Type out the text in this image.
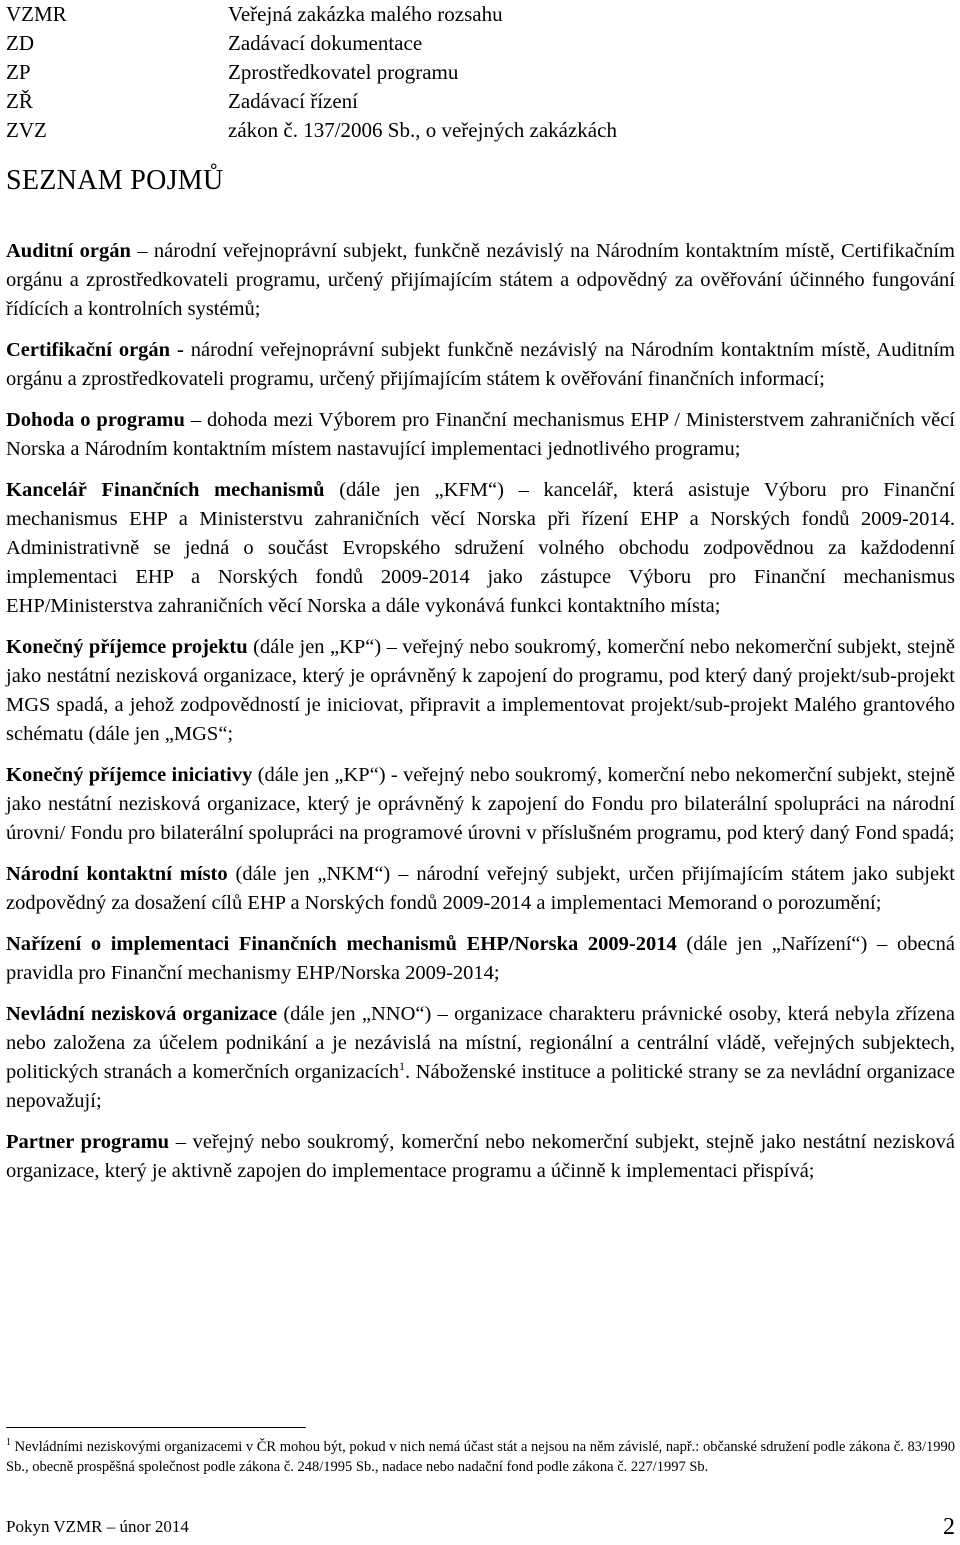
VZMR	Veřejná zakázka malého rozsahu
ZD	Zadávací dokumentace
ZP	Zprostředkovatel programu
ZŘ	Zadávací řízení
ZVZ	zákon č. 137/2006 Sb., o veřejných zakázkách
SEZNAM POJMŮ

Auditní orgán – národní veřejnoprávní subjekt, funkčně nezávislý na Národním kontaktním místě, Certifikačním orgánu a zprostředkovateli programu, určený přijímajícím státem a odpovědný za ověřování účinného fungování řídících a kontrolních systémů;

Certifikační orgán - národní veřejnoprávní subjekt funkčně nezávislý na Národním kontaktním místě, Auditním orgánu a zprostředkovateli programu, určený přijímajícím státem k ověřování finančních informací;

Dohoda o programu – dohoda mezi Výborem pro Finanční mechanismus EHP / Ministerstvem zahraničních věcí Norska a Národním kontaktním místem nastavující implementaci jednotlivého programu;

Kancelář Finančních mechanismů (dále jen „KFM“) – kancelář, která asistuje Výboru pro Finanční mechanismus EHP a Ministerstvu zahraničních věcí Norska při řízení EHP a Norských fondů 2009-2014. Administrativně se jedná o součást Evropského sdružení volného obchodu zodpovědnou za každodenní implementaci EHP a Norských fondů 2009-2014 jako zástupce Výboru pro Finanční mechanismus EHP/Ministerstva zahraničních věcí Norska a dále vykonává funkci kontaktního místa;

Konečný příjemce projektu (dále jen „KP“) – veřejný nebo soukromý, komerční nebo nekomerční subjekt, stejně jako nestátní nezisková organizace, který je oprávněný k zapojení do programu, pod který daný projekt/sub-projekt MGS spadá, a jehož zodpovědností je iniciovat, připravit a implementovat projekt/sub-projekt Malého grantového schématu (dále jen „MGS“;

Konečný příjemce iniciativy (dále jen „KP“) - veřejný nebo soukromý, komerční nebo nekomerční subjekt, stejně jako nestátní nezisková organizace, který je oprávněný k zapojení do Fondu pro bilaterální spolupráci na národní úrovni/ Fondu pro bilaterální spolupráci na programové úrovni v příslušném programu, pod který daný Fond spadá;

Národní kontaktní místo (dále jen „NKM“) – národní veřejný subjekt, určen přijímajícím státem jako subjekt zodpovědný za dosažení cílů EHP a Norských fondů 2009-2014 a implementaci Memorand o porozumění;

Nařízení o implementaci Finančních mechanismů EHP/Norska 2009-2014 (dále jen „Nařízení“) – obecná pravidla pro Finanční mechanismy EHP/Norska 2009-2014;

Nevládní nezisková organizace (dále jen „NNO“) – organizace charakteru právnické osoby, která nebyla zřízena nebo založena za účelem podnikání a je nezávislá na místní, regionální a centrální vládě, veřejných subjektech, politických stranách a komerčních organizacích$^1$. Náboženské instituce a politické strany se za nevládní organizace nepovažují;

Partner programu – veřejný nebo soukromý, komerční nebo nekomerční subjekt, stejně jako nestátní nezisková organizace, který je aktivně zapojen do implementace programu a účinně k implementaci přispívá;

$^1$ Nevládními neziskovými organizacemi v ČR mohou být, pokud v nich nemá účast stát a nejsou na něm závislé, např.: občanské sdružení podle zákona č. 83/1990 Sb., obecně prospěšná společnost podle zákona č. 248/1995 Sb., nadace nebo nadační fond podle zákona č. 227/1997 Sb.
Pokyn VZMR – únor 2014	2
